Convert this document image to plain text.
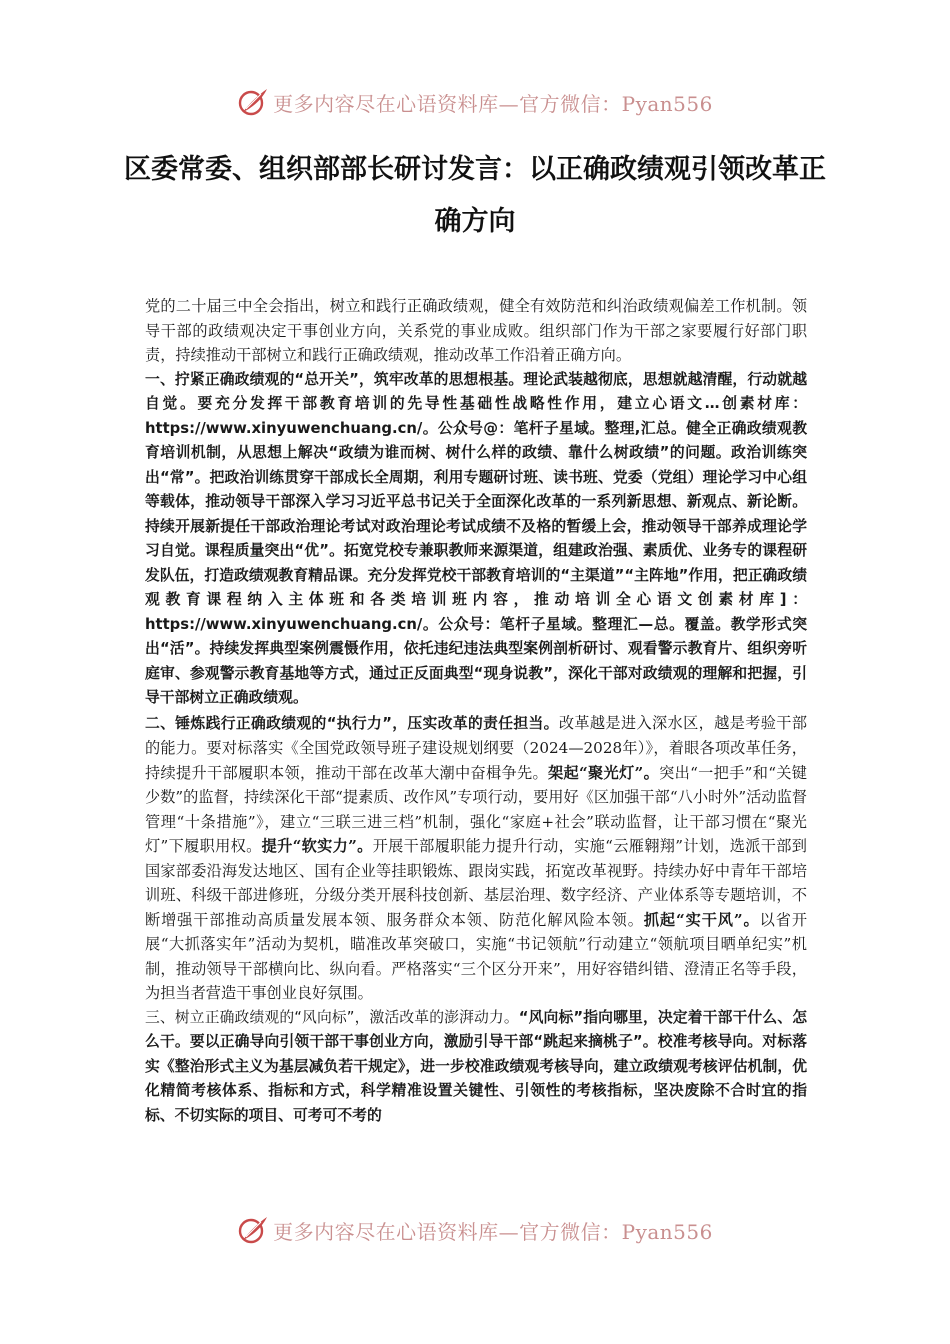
更多内容尽在心语资料库—官方微信：Pyan556
区委常委、组织部部长研讨发言：以正确政绩观引领改革正确方向

党的二十届三中全会指出，树立和践行正确政绩观，健全有效防范和纠治政绩观偏差工作机制。领导干部的政绩观决定干事创业方向，关系党的事业成败。组织部门作为干部之家要履行好部门职责，持续推动干部树立和践行正确政绩观，推动改革工作沿着正确方向。

一、拧紧正确政绩观的“总开关”，筑牢改革的思想根基。理论武装越彻底，思想就越清醒，行动就越自觉。要充分发挥干部教育培训的先导性基础性战略性作用，建立心语文…创素材库：https://www.xinyuwenchuang.cn/。公众号@：笔杆子星域。整理,汇总。健全正确政绩观教育培训机制，从思想上解决“政绩为谁而树、树什么样的政绩、靠什么树政绩”的问题。政治训练突出“常”。把政治训练贯穿干部成长全周期，利用专题研讨班、读书班、党委（党组）理论学习中心组等载体，推动领导干部深入学习习近平总书记关于全面深化改革的一系列新思想、新观点、新论断。持续开展新提任干部政治理论考试对政治理论考试成绩不及格的暂缓上会，推动领导干部养成理论学习自觉。课程质量突出“优”。拓宽党校专兼职教师来源渠道，组建政治强、素质优、业务专的课程研发队伍，打造政绩观教育精品课。充分发挥党校干部教育培训的“主渠道”“主阵地”作用，把正确政绩观教育课程纳入主体班和各类培训班内容，推动培训全心语文创素材库]：https://www.xinyuwenchuang.cn/。公众号：笔杆子星域。整理汇—总。覆盖。教学形式突出“活”。持续发挥典型案例震慑作用，依托违纪违法典型案例剖析研讨、观看警示教育片、组织旁听庭审、参观警示教育基地等方式，通过正反面典型“现身说教”，深化干部对政绩观的理解和把握，引导干部树立正确政绩观。

二、锤炼践行正确政绩观的“执行力”，压实改革的责任担当。改革越是进入深水区，越是考验干部的能力。要对标落实《全国党政领导班子建设规划纲要（2024—2028年）》，着眼各项改革任务，持续提升干部履职本领，推动干部在改革大潮中奋楫争先。架起“聚光灯”。突出“一把手”和“关键少数”的监督，持续深化干部“提素质、改作风”专项行动，要用好《区加强干部“八小时外”活动监督管理“十条措施”》，建立“三联三进三档”机制，强化“家庭+社会”联动监督，让干部习惯在“聚光灯”下履职用权。提升“软实力”。开展干部履职能力提升行动，实施“云雁翱翔”计划，选派干部到国家部委沿海发达地区、国有企业等挂职锻炼、跟岗实践，拓宽改革视野。持续办好中青年干部培训班、科级干部进修班，分级分类开展科技创新、基层治理、数字经济、产业体系等专题培训，不断增强干部推动高质量发展本领、服务群众本领、防范化解风险本领。抓起“实干风”。以省开展“大抓落实年”活动为契机，瞄准改革突破口，实施“书记领航”行动建立“领航项目晒单纪实”机制，推动领导干部横向比、纵向看。严格落实“三个区分开来”，用好容错纠错、澄清正名等手段，为担当者营造干事创业良好氛围。

三、树立正确政绩观的“风向标”，激活改革的澎湃动力。“风向标”指向哪里，决定着干部干什么、怎么干。要以正确导向引领干部干事创业方向，激励引导干部“跳起来摘桃子”。校准考核导向。对标落实《整治形式主义为基层减负若干规定》，进一步校准政绩观考核导向，建立政绩观考核评估机制，优化精简考核体系、指标和方式，科学精准设置关键性、引领性的考核指标，坚决废除不合时宜的指标、不切实际的项目、可考可不考的

更多内容尽在心语资料库—官方微信：Pyan556
